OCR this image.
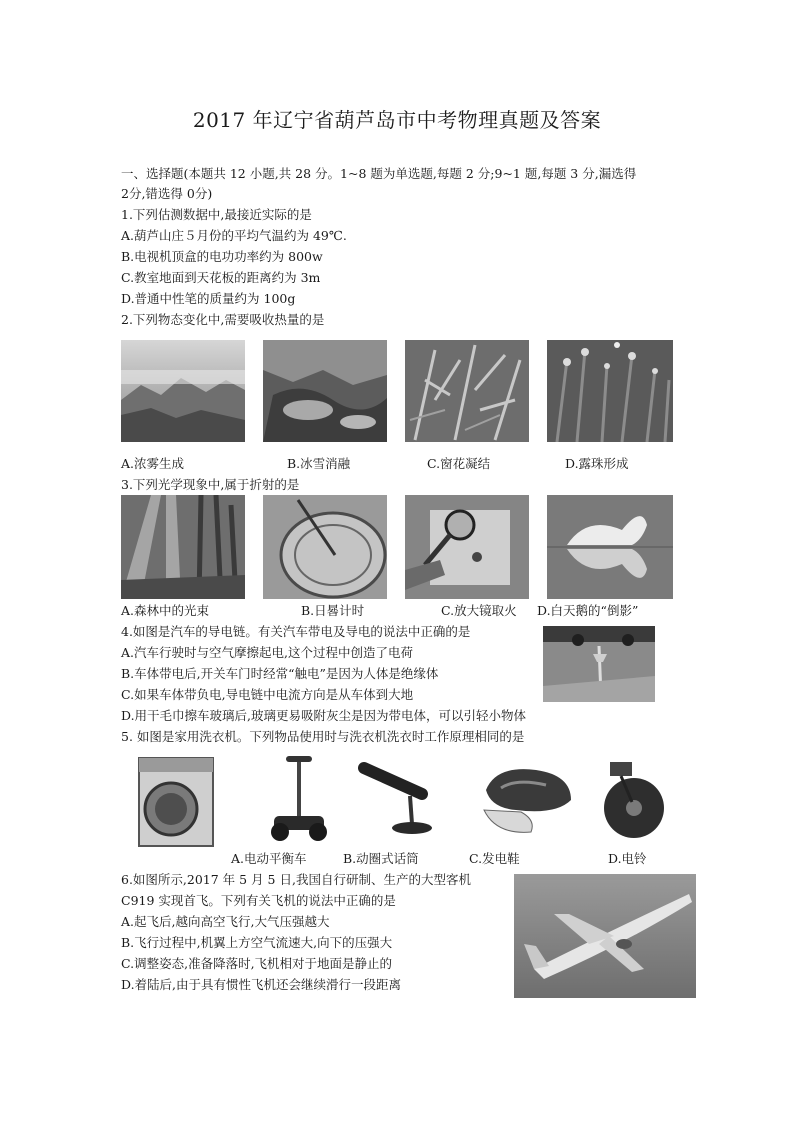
2017 年辽宁省葫芦岛市中考物理真题及答案
一、选择题(本题共 12 小题,共 28 分。1~8 题为单选题,每题 2 分;9~1 题,每题 3 分,漏选得
2分,错选得 0分)
1.下列估测数据中,最接近实际的是
A.葫芦山庄５月份的平均气温约为 49℃.
B.电视机顶盒的电功功率约为 800w
C.教室地面到天花板的距离约为 3m
D.普通中性笔的质量约为 100g
2.下列物态变化中,需要吸收热量的是
A.浓雾生成	B.冰雪消融	C.窗花凝结	D.露珠形成
3.下列光学现象中,属于折射的是
A.森林中的光束	B.日晷计时	C.放大镜取火 D.白天鹅的“倒影”
4.如图是汽车的导电链。有关汽车带电及导电的说法中正确的是
A.汽车行驶时与空气摩擦起电,这个过程中创造了电荷
B.车体带电后,开关车门时经常“触电”是因为人体是绝缘体
C.如果车体带负电,导电链中电流方向是从车体到大地
D.用干毛巾擦车玻璃后,玻璃更易吸附灰尘是因为带电体，可以引轻小物体
5. 如图是家用洗衣机。下列物品使用时与洗衣机洗衣时工作原理相同的是
A.电动平衡车	B.动圈式话筒	C.发电鞋	D.电铃
6.如图所示,2017 年 5 月 5 日,我国自行研制、生产的大型客机
C919 实现首飞。下列有关飞机的说法中正确的是
A.起飞后,越向高空飞行,大气压强越大
B.飞行过程中,机翼上方空气流速大,向下的压强大
C.调整姿态,准备降落时,飞机相对于地面是静止的
D.着陆后,由于具有惯性飞机还会继续滑行一段距离
